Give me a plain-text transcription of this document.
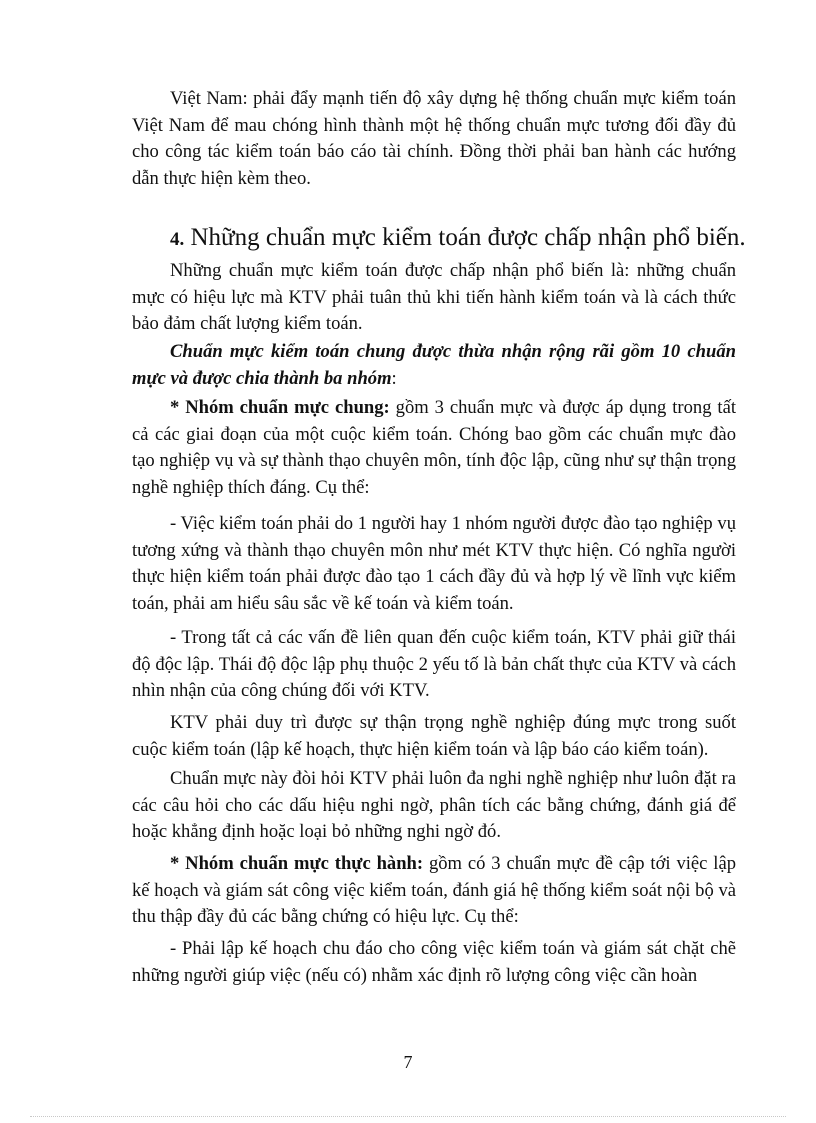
Việt Nam: phải đẩy mạnh tiến độ xây dựng hệ thống chuẩn mực kiểm toán Việt Nam để mau chóng hình thành một hệ thống chuẩn mực tương đối đầy đủ cho công tác kiểm toán báo cáo tài chính. Đồng thời phải ban hành các hướng dẫn thực hiện kèm theo.

4. Những chuẩn mực kiểm toán được chấp nhận phổ biến.

Những chuẩn mực kiểm toán được chấp nhận phổ biến là: những chuẩn mực có hiệu lực mà KTV phải tuân thủ khi tiến hành kiểm toán và là cách thức bảo đảm chất lượng kiểm toán.

Chuẩn mực kiểm toán chung được thừa nhận rộng rãi gồm 10 chuẩn mực và được chia thành ba nhóm:

* Nhóm chuẩn mực chung: gồm 3 chuẩn mực và được áp dụng trong tất cả các giai đoạn của một cuộc kiểm toán. Chóng bao gồm các chuẩn mực đào tạo nghiệp vụ và sự thành thạo chuyên môn, tính độc lập, cũng như sự thận trọng nghề nghiệp thích đáng. Cụ thể:

- Việc kiểm toán phải do 1 người hay 1 nhóm người được đào tạo nghiệp vụ tương xứng và thành thạo chuyên môn như mét KTV thực hiện. Có nghĩa người thực hiện kiểm toán phải được đào tạo 1 cách đầy đủ và hợp lý về lĩnh vực kiểm toán, phải am hiểu sâu sắc về kế toán và kiểm toán.

- Trong tất cả các vấn đề liên quan đến cuộc kiểm toán, KTV phải giữ thái độ độc lập. Thái độ độc lập phụ thuộc 2 yếu tố là bản chất thực của KTV và cách nhìn nhận của công chúng đối với KTV.

KTV phải duy trì được sự thận trọng nghề nghiệp đúng mực trong suốt cuộc kiểm toán (lập kế hoạch, thực hiện kiểm toán và lập báo cáo kiểm toán).

Chuẩn mực này đòi hỏi KTV phải luôn đa nghi nghề nghiệp như luôn đặt ra các câu hỏi cho các dấu hiệu nghi ngờ, phân tích các bằng chứng, đánh giá để hoặc khẳng định hoặc loại bỏ những nghi ngờ đó.

* Nhóm chuẩn mực thực hành: gồm có 3 chuẩn mực đề cập tới việc lập kế hoạch và giám sát công việc kiểm toán, đánh giá hệ thống kiểm soát nội bộ và thu thập đầy đủ các bằng chứng có hiệu lực. Cụ thể:

- Phải lập kế hoạch chu đáo cho công việc kiểm toán và giám sát chặt chẽ những người giúp việc (nếu có) nhằm xác định rõ lượng công việc cần hoàn

7
